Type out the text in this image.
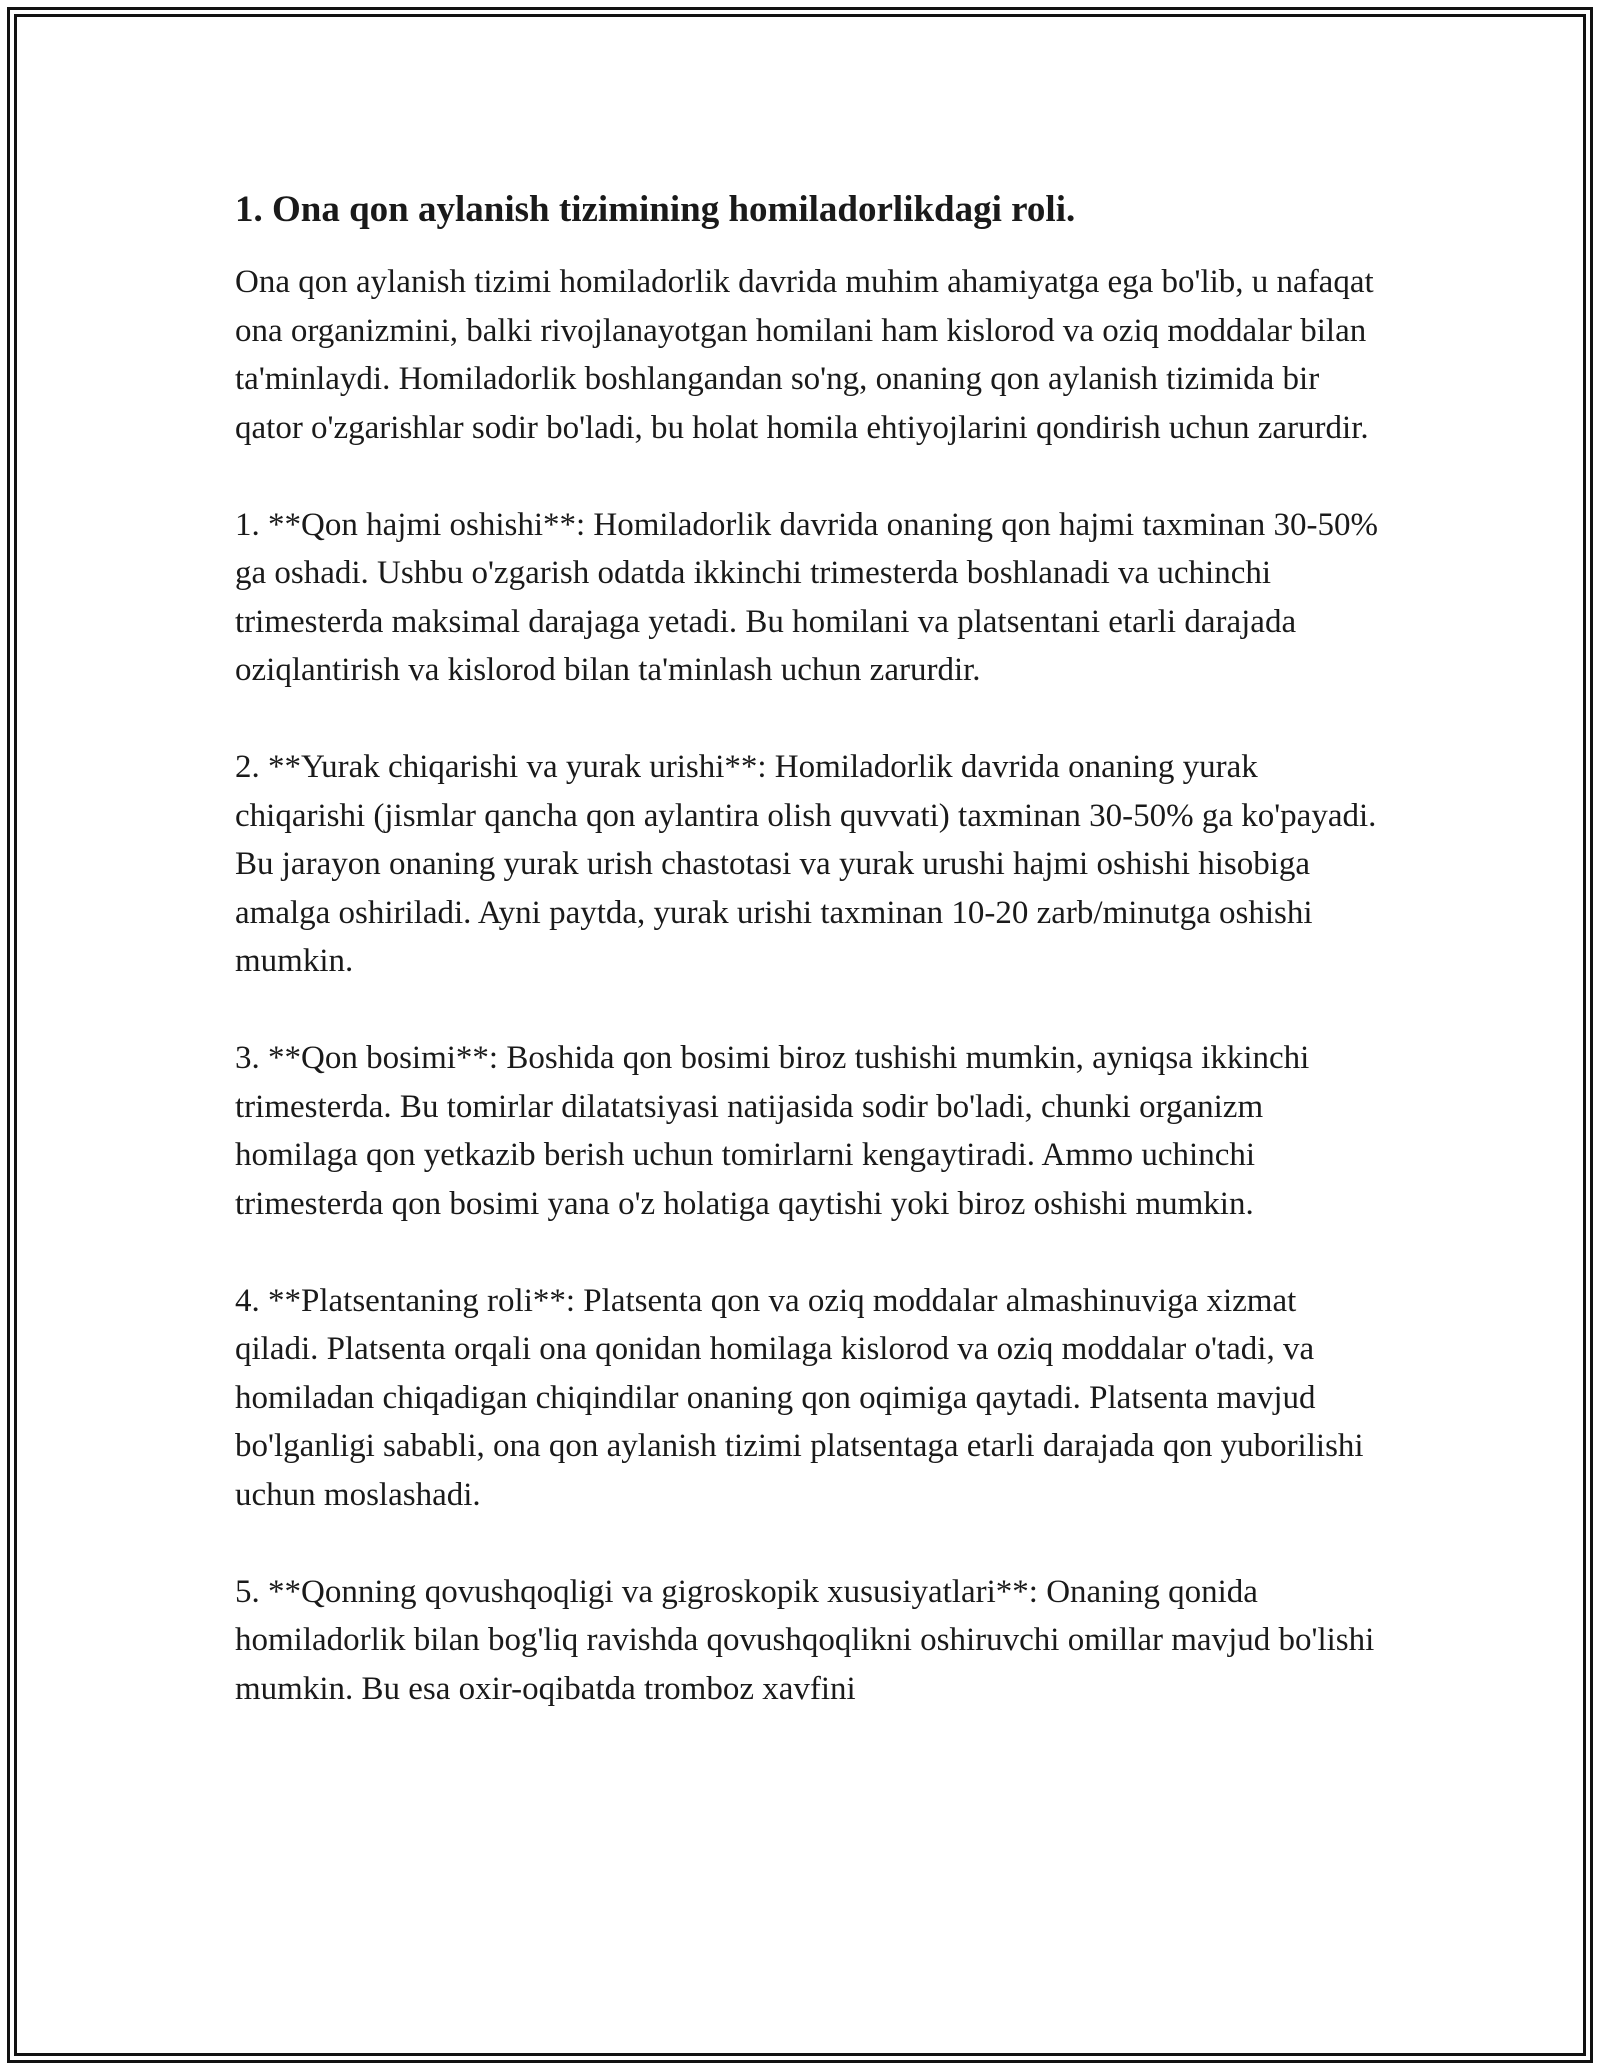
1. Ona qon aylanish tizimining homiladorlikdagi roli.

Ona qon aylanish tizimi homiladorlik davrida muhim ahamiyatga ega bo'lib, u nafaqat ona organizmini, balki rivojlanayotgan homilani ham kislorod va oziq moddalar bilan ta'minlaydi. Homiladorlik boshlangandan so'ng, onaning qon aylanish tizimida bir qator o'zgarishlar sodir bo'ladi, bu holat homila ehtiyojlarini qondirish uchun zarurdir.

1. **Qon hajmi oshishi**: Homiladorlik davrida onaning qon hajmi taxminan 30-50% ga oshadi. Ushbu o'zgarish odatda ikkinchi trimesterda boshlanadi va uchinchi trimesterda maksimal darajaga yetadi. Bu homilani va platsentani etarli darajada oziqlantirish va kislorod bilan ta'minlash uchun zarurdir.

2. **Yurak chiqarishi va yurak urishi**: Homiladorlik davrida onaning yurak chiqarishi (jismlar qancha qon aylantira olish quvvati) taxminan 30-50% ga ko'payadi. Bu jarayon onaning yurak urish chastotasi va yurak urushi hajmi oshishi hisobiga amalga oshiriladi. Ayni paytda, yurak urishi taxminan 10-20 zarb/minutga oshishi mumkin.

3. **Qon bosimi**: Boshida qon bosimi biroz tushishi mumkin, ayniqsa ikkinchi trimesterda. Bu tomirlar dilatatsiyasi natijasida sodir bo'ladi, chunki organizm homilaga qon yetkazib berish uchun tomirlarni kengaytiradi. Ammo uchinchi trimesterda qon bosimi yana o'z holatiga qaytishi yoki biroz oshishi mumkin.

4. **Platsentaning roli**: Platsenta qon va oziq moddalar almashinuviga xizmat qiladi. Platsenta orqali ona qonidan homilaga kislorod va oziq moddalar o'tadi, va homiladan chiqadigan chiqindilar onaning qon oqimiga qaytadi. Platsenta mavjud bo'lganligi sababli, ona qon aylanish tizimi platsentaga etarli darajada qon yuborilishi uchun moslashadi.

5. **Qonning qovushqoqligi va gigroskopik xususiyatlari**: Onaning qonida homiladorlik bilan bog'liq ravishda qovushqoqlikni oshiruvchi omillar mavjud bo'lishi mumkin. Bu esa oxir-oqibatda tromboz xavfini
